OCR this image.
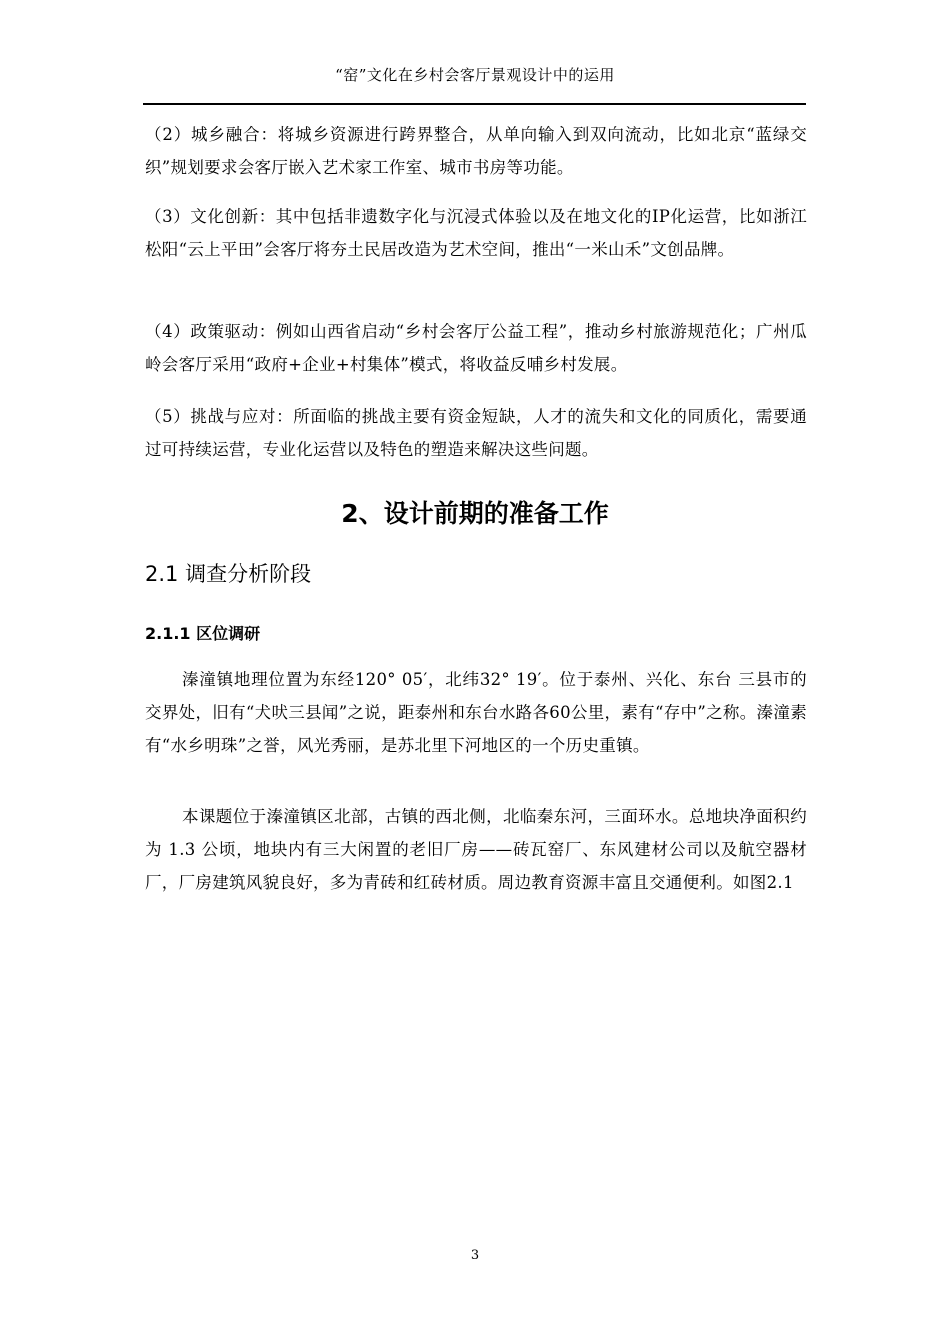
“窑”文化在乡村会客厅景观设计中的运用

（2）城乡融合：将城乡资源进行跨界整合，从单向输入到双向流动，比如北京“蓝绿交织”规划要求会客厅嵌入艺术家工作室、城市书房等功能。

（3）文化创新：其中包括非遗数字化与沉浸式体验以及在地文化的IP化运营，比如浙江松阳“云上平田”会客厅将夯土民居改造为艺术空间，推出“一米山禾”文创品牌。

（4）政策驱动：例如山西省启动“乡村会客厅公益工程”，推动乡村旅游规范化；广州瓜岭会客厅采用“政府+企业+村集体”模式，将收益反哺乡村发展。

（5）挑战与应对：所面临的挑战主要有资金短缺，人才的流失和文化的同质化，需要通过可持续运营，专业化运营以及特色的塑造来解决这些问题。

2、设计前期的准备工作
2.1 调查分析阶段
2.1.1 区位调研

溱潼镇地理位置为东经120° 05′，北纬32° 19′。位于泰州、兴化、东台 三县市的交界处，旧有“犬吠三县闻”之说，距泰州和东台水路各60公里，素有“存中”之称。溱潼素有“水乡明珠”之誉，风光秀丽，是苏北里下河地区的一个历史重镇。

本课题位于溱潼镇区北部，古镇的西北侧，北临秦东河，三面环水。总地块净面积约为 1.3 公顷，地块内有三大闲置的老旧厂房——砖瓦窑厂、东风建材公司以及航空器材厂，厂房建筑风貌良好，多为青砖和红砖材质。周边教育资源丰富且交通便利。如图2.1

3
